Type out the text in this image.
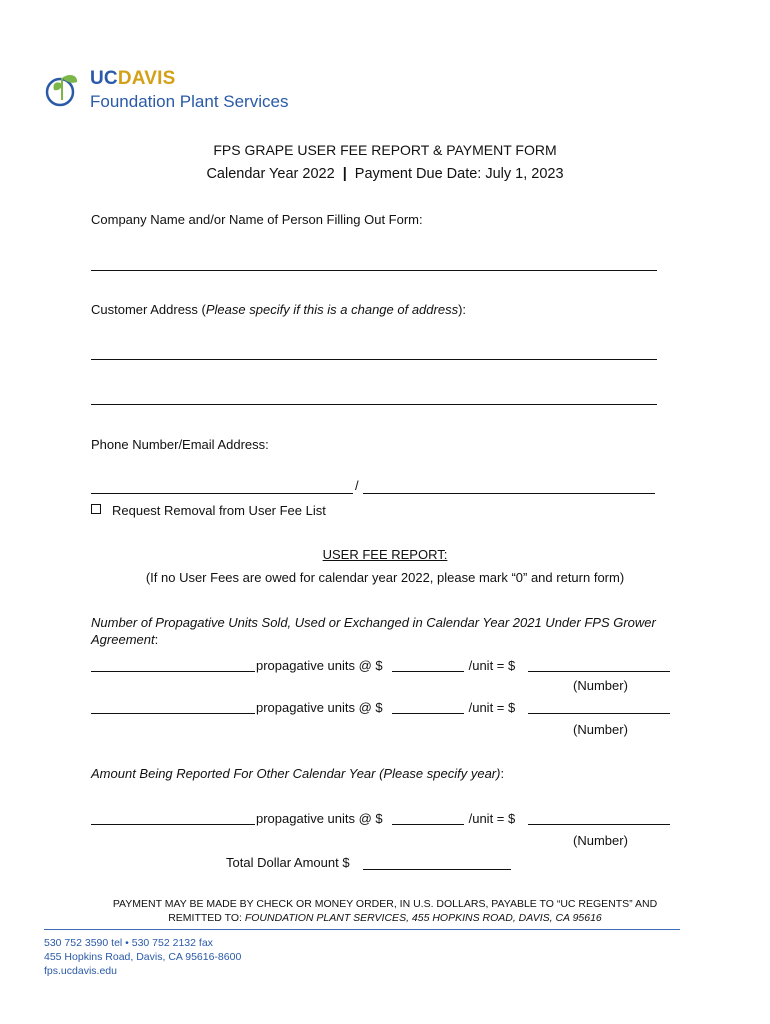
UCDAVIS
Foundation Plant Services
FPS GRAPE USER FEE REPORT & PAYMENT FORM
Calendar Year 2022 | Payment Due Date: July 1, 2023
Company Name and/or Name of Person Filling Out Form:
Customer Address (Please specify if this is a change of address):
Phone Number/Email Address:
/
Request Removal from User Fee List
USER FEE REPORT:
(If no User Fees are owed for calendar year 2022, please mark “0” and return form)
Number of Propagative Units Sold, Used or Exchanged in Calendar Year 2021 Under FPS Grower
Agreement:
propagative units @ $	/unit = $
(Number)
propagative units @ $	/unit = $
(Number)
Amount Being Reported For Other Calendar Year (Please specify year):
propagative units @ $	/unit = $
(Number)
Total Dollar Amount $
PAYMENT MAY BE MADE BY CHECK OR MONEY ORDER, IN U.S. DOLLARS, PAYABLE TO “UC REGENTS” AND
REMITTED TO: FOUNDATION PLANT SERVICES, 455 HOPKINS ROAD, DAVIS, CA 95616
530 752 3590 tel • 530 752 2132 fax
455 Hopkins Road, Davis, CA 95616-8600
fps.ucdavis.edu
